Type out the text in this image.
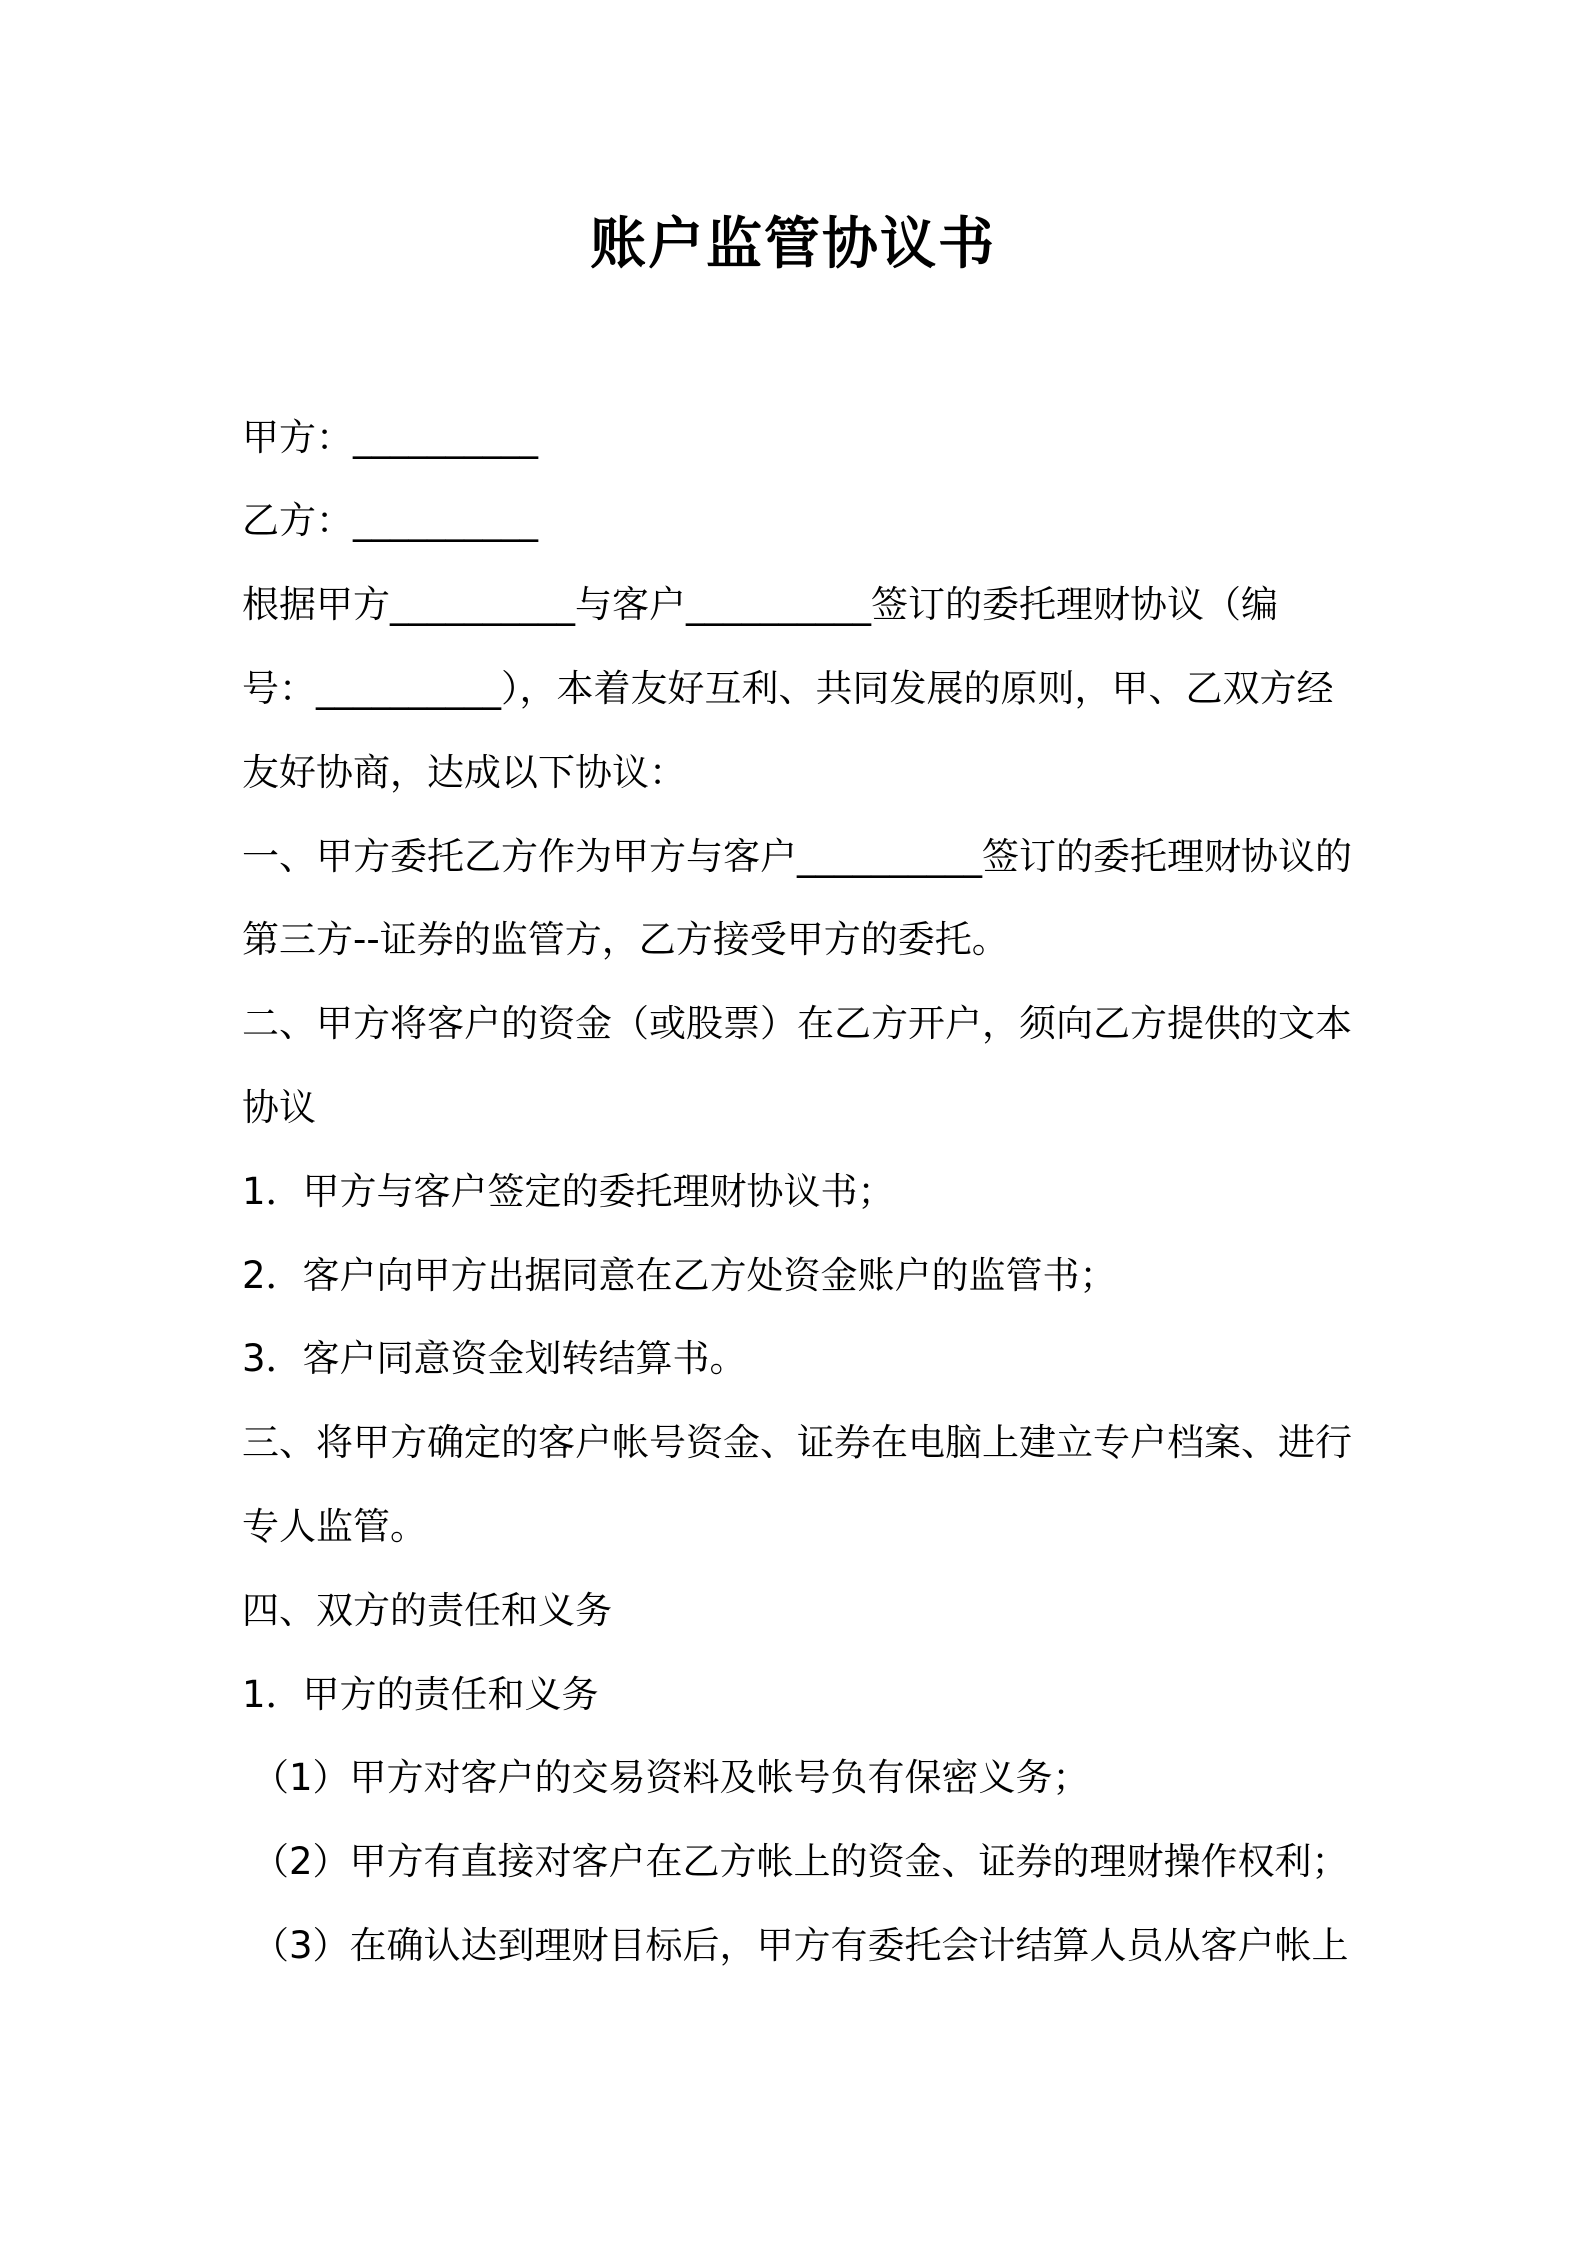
账户监管协议书
甲方：__________
乙方：__________
根据甲方__________与客户__________签订的委托理财协议（编
号：__________），本着友好互利、共同发展的原则，甲、乙双方经
友好协商，达成以下协议：
一、甲方委托乙方作为甲方与客户__________签订的委托理财协议的
第三方--证券的监管方，乙方接受甲方的委托。
二、甲方将客户的资金（或股票）在乙方开户，须向乙方提供的文本
协议
1．甲方与客户签定的委托理财协议书；
2．客户向甲方出据同意在乙方处资金账户的监管书；
3．客户同意资金划转结算书。
三、将甲方确定的客户帐号资金、证券在电脑上建立专户档案、进行
专人监管。
四、双方的责任和义务
1．甲方的责任和义务
（1）甲方对客户的交易资料及帐号负有保密义务；
（2）甲方有直接对客户在乙方帐上的资金、证券的理财操作权利；
（3）在确认达到理财目标后，甲方有委托会计结算人员从客户帐上
